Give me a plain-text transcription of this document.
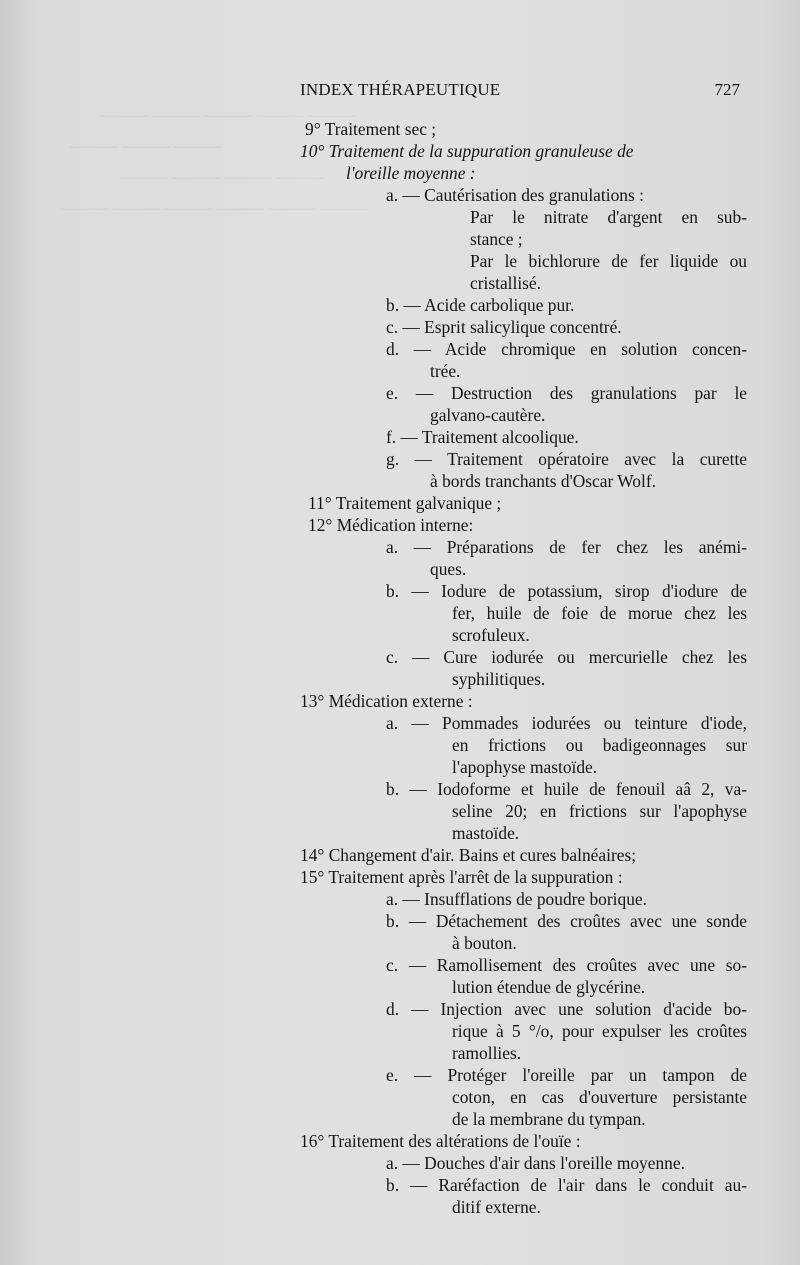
——— ——— ——— ——— ———
——— ——— ———
——— ——— ——— ———
——— ——— ——— ——— ——— ———
INDEX THÉRAPEUTIQUE	727
9° Traitement sec ;
10° Traitement de la suppuration granuleuse de
l'oreille moyenne :
a. — Cautérisation des granulations :
Par le nitrate d'argent en sub-
stance ;
Par le bichlorure de fer liquide ou
cristallisé.
b. — Acide carbolique pur.
c. — Esprit salicylique concentré.
d. — Acide chromique en solution concen-
trée.
e. — Destruction des granulations par le
galvano-cautère.
f. — Traitement alcoolique.
g. — Traitement opératoire avec la curette
à bords tranchants d'Oscar Wolf.
11° Traitement galvanique ;
12° Médication interne:
a. — Préparations de fer chez les anémi-
ques.
b. — Iodure de potassium, sirop d'iodure de
fer, huile de foie de morue chez les
scrofuleux.
c. — Cure iodurée ou mercurielle chez les
syphilitiques.
13° Médication externe :
a. — Pommades iodurées ou teinture d'iode,
en frictions ou badigeonnages sur
l'apophyse mastoïde.
b. — Iodoforme et huile de fenouil aâ 2, va-
seline 20; en frictions sur l'apophyse
mastoïde.
14° Changement d'air. Bains et cures balnéaires;
15° Traitement après l'arrêt de la suppuration :
a. — Insufflations de poudre borique.
b. — Détachement des croûtes avec une sonde
à bouton.
c. — Ramollisement des croûtes avec une so-
lution étendue de glycérine.
d. — Injection avec une solution d'acide bo-
rique à 5 °/o, pour expulser les croûtes
ramollies.
e. — Protéger l'oreille par un tampon de
coton, en cas d'ouverture persistante
de la membrane du tympan.
16° Traitement des altérations de l'ouïe :
a. — Douches d'air dans l'oreille moyenne.
b. — Raréfaction de l'air dans le conduit au-
ditif externe.
